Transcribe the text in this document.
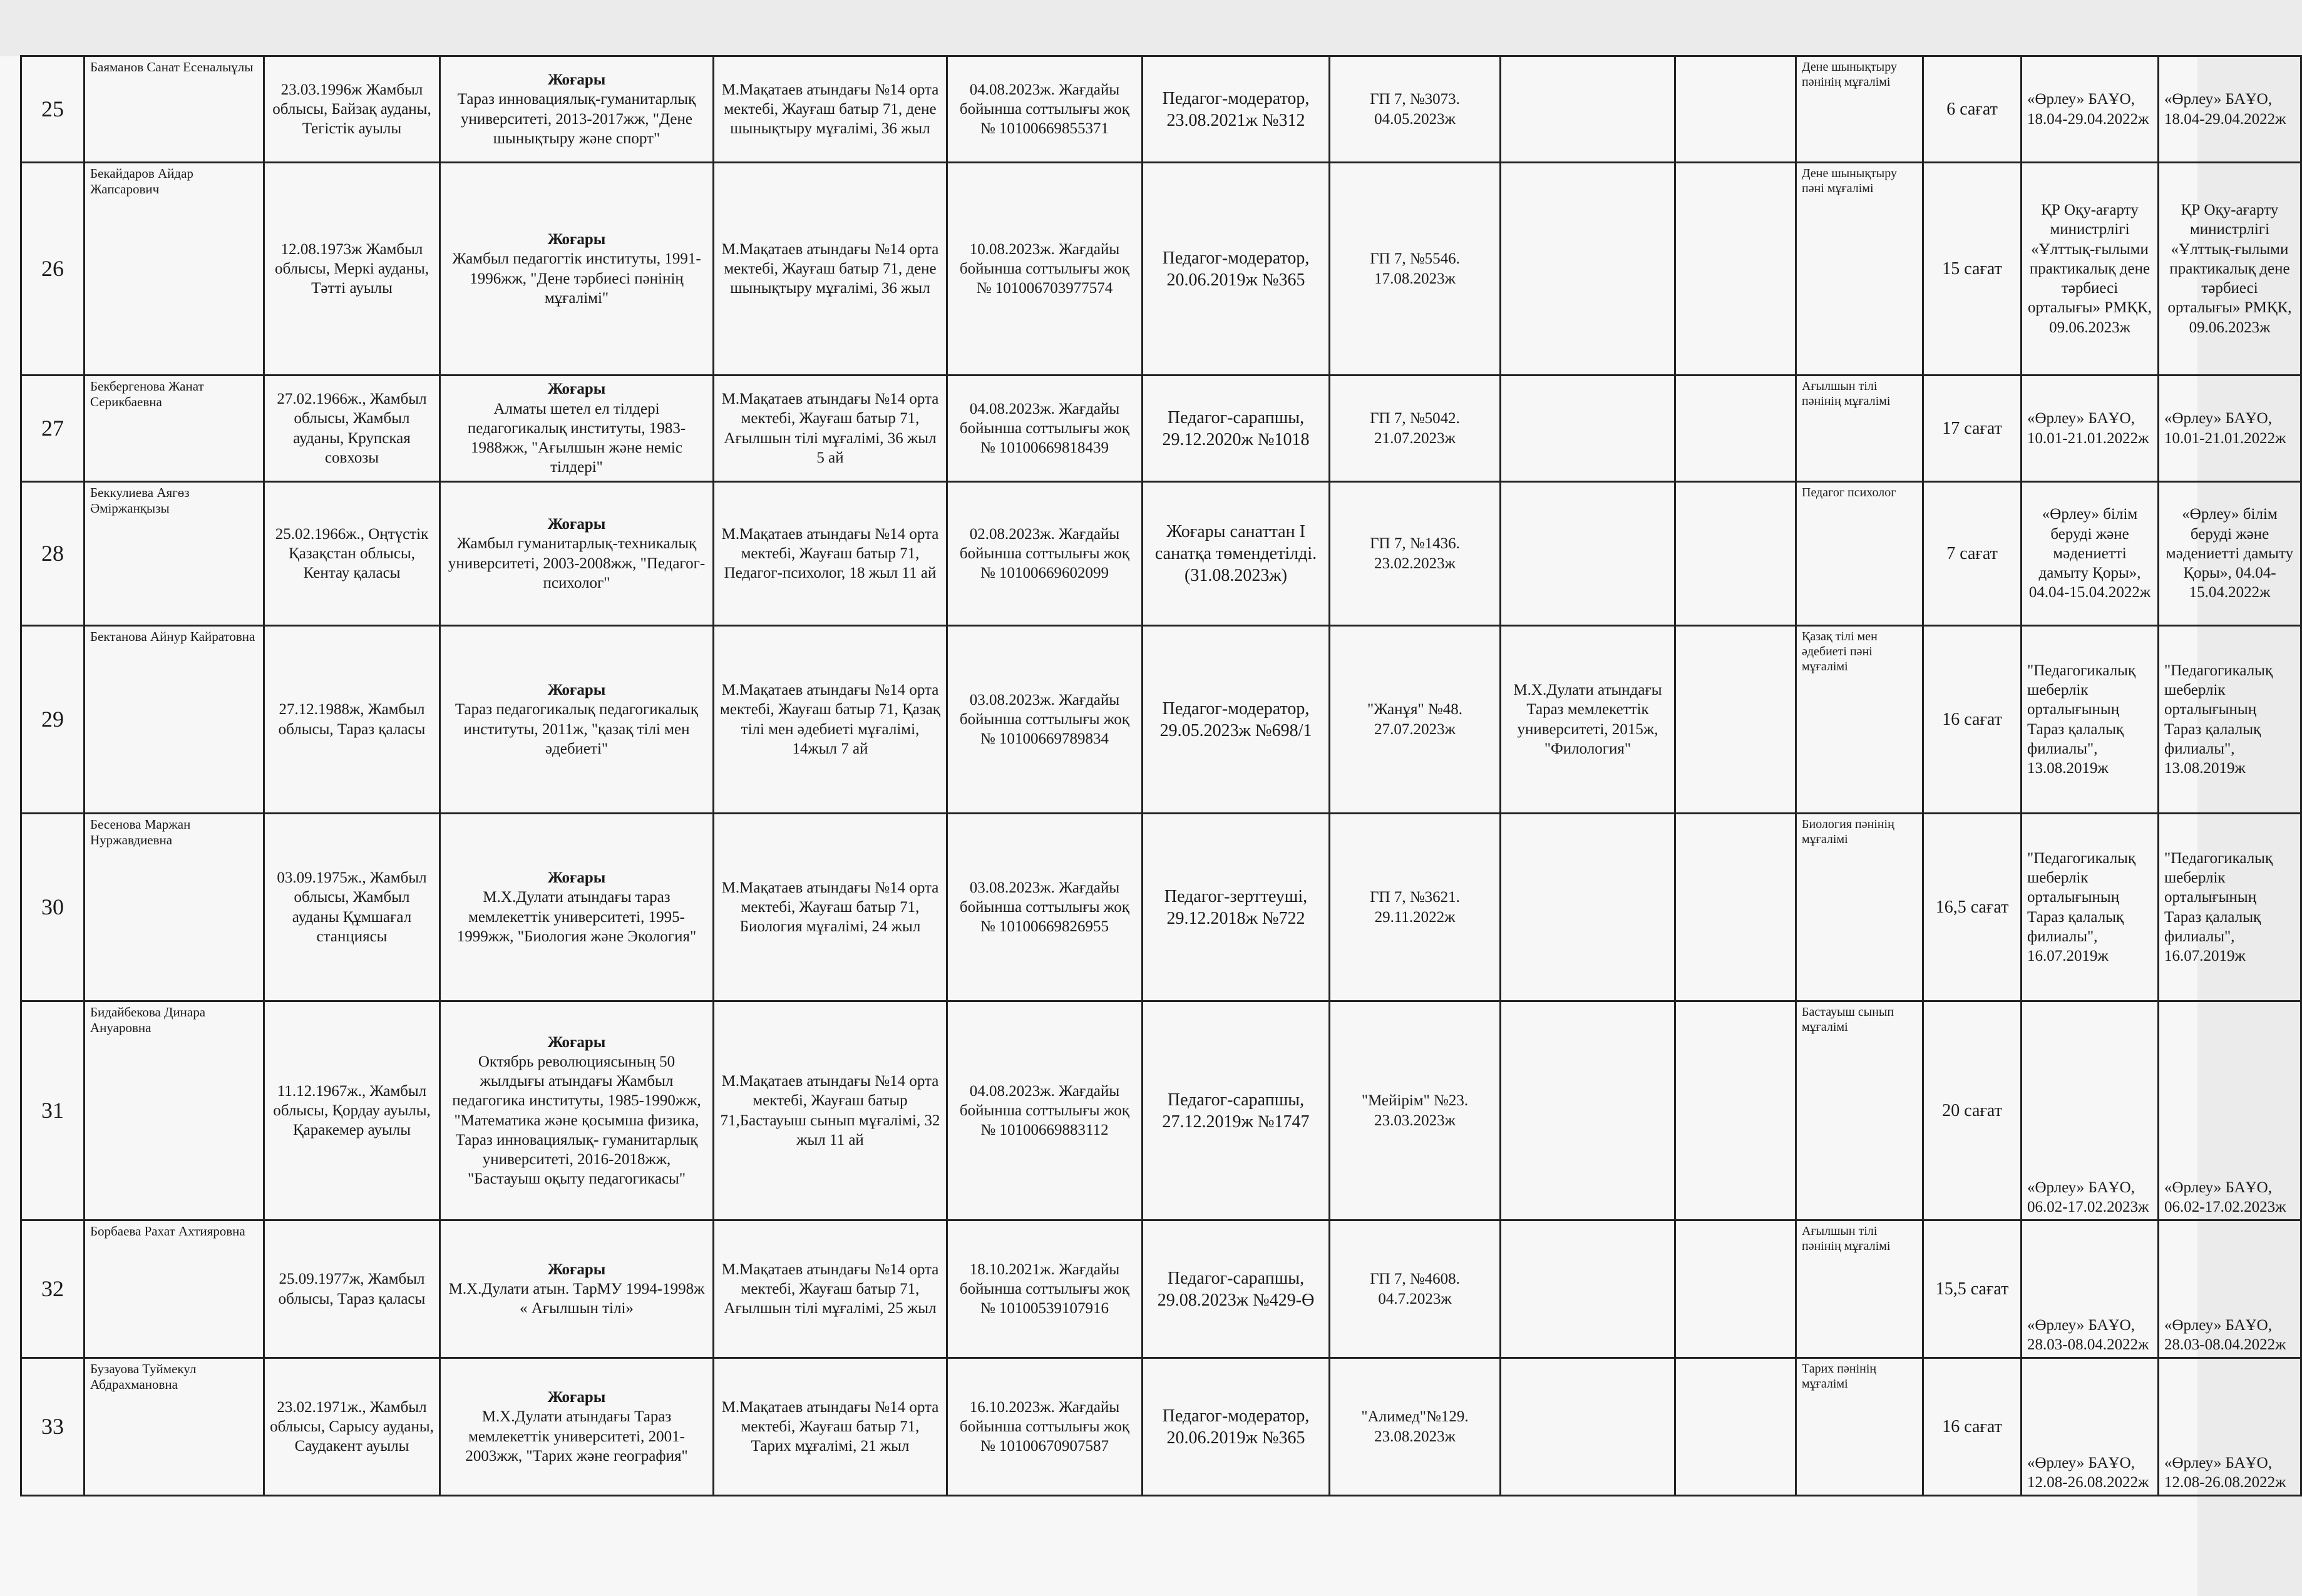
25	Баяманов Санат Есеналыұлы	23.03.1996ж Жамбыл облысы, Байзақ ауданы, Тегістік ауылы	Жоғары
Тараз инновациялық-гуманитарлық университеті, 2013-2017жж, "Дене шынықтыру және спорт"	М.Мақатаев атындағы №14 орта мектебі, Жауғаш батыр 71, дене шынықтыру мұғалімі, 36 жыл	04.08.2023ж. Жағдайы бойынша соттылығы жоқ № 10100669855371	Педагог-модератор, 23.08.2021ж №312	ГП 7, №3073. 04.05.2023ж			Дене шынықтыру пәнінің мұғалімі	6 сағат	«Өрлеу» БАҰО, 18.04-29.04.2022ж	«Өрлеу» БАҰО, 18.04-29.04.2022ж
26	Бекайдаров Айдар Жапсарович	12.08.1973ж Жамбыл облысы, Меркі ауданы, Тәтті ауылы	Жоғары
Жамбыл педагогтік институты, 1991-1996жж, "Дене тәрбиесі пәнінің мұғалімі"	М.Мақатаев атындағы №14 орта мектебі, Жауғаш батыр 71, дене шынықтыру мұғалімі, 36 жыл	10.08.2023ж. Жағдайы бойынша соттылығы жоқ № 101006703977574	Педагог-модератор, 20.06.2019ж №365	ГП 7, №5546. 17.08.2023ж			Дене шынықтыру пәні мұғалімі	15 сағат	ҚР Оқу-ағарту министрлігі «Ұлттық-ғылыми практикалық дене тәрбиесі орталығы» РМҚК, 09.06.2023ж	ҚР Оқу-ағарту министрлігі «Ұлттық-ғылыми практикалық дене тәрбиесі орталығы» РМҚК, 09.06.2023ж
27	Бекбергенова Жанат Серикбаевна	27.02.1966ж., Жамбыл облысы, Жамбыл ауданы, Крупская совхозы	Жоғары
Алматы шетел ел тілдері педагогикалық институты, 1983-1988жж, "Ағылшын және неміс тілдері"	М.Мақатаев атындағы №14 орта мектебі, Жауғаш батыр 71, Ағылшын тілі мұғалімі, 36 жыл 5 ай	04.08.2023ж. Жағдайы бойынша соттылығы жоқ № 10100669818439	Педагог-сарапшы, 29.12.2020ж №1018	ГП 7, №5042. 21.07.2023ж			Ағылшын тілі пәнінің мұғалімі	17 сағат	«Өрлеу» БАҰО, 10.01-21.01.2022ж	«Өрлеу» БАҰО, 10.01-21.01.2022ж
28	Беккулиева Аягөз Әміржанқызы	25.02.1966ж., Оңтүстік Қазақстан облысы, Кентау қаласы	Жоғары
Жамбыл гуманитарлық-техникалық университеті, 2003-2008жж, "Педагог-психолог"	М.Мақатаев атындағы №14 орта мектебі, Жауғаш батыр 71, Педагог-психолог, 18 жыл 11 ай	02.08.2023ж. Жағдайы бойынша соттылығы жоқ № 10100669602099	Жоғары санаттан І санатқа төмендетілді. (31.08.2023ж)	ГП 7, №1436. 23.02.2023ж			Педагог психолог	7 сағат	«Өрлеу» білім беруді және мәдениетті дамыту Қоры», 04.04-15.04.2022ж	«Өрлеу» білім беруді және мәдениетті дамыту Қоры», 04.04-15.04.2022ж
29	Бектанова Айнур Кайратовна	27.12.1988ж, Жамбыл облысы, Тараз қаласы	Жоғары
Тараз педагогикалық педагогикалық институты, 2011ж, "қазақ тілі мен әдебиеті"	М.Мақатаев атындағы №14 орта мектебі, Жауғаш батыр 71, Қазақ тілі мен әдебиеті мұғалімі, 14жыл 7 ай	03.08.2023ж. Жағдайы бойынша соттылығы жоқ № 10100669789834	Педагог-модератор, 29.05.2023ж №698/1	"Жанұя" №48. 27.07.2023ж	М.Х.Дулати атындағы Тараз мемлекеттік университеті, 2015ж, "Филология"		Қазақ тілі мен әдебиеті пәні мұғалімі	16 сағат	"Педагогикалық шеберлік орталығының Тараз қалалық филиалы", 13.08.2019ж	"Педагогикалық шеберлік орталығының Тараз қалалық филиалы", 13.08.2019ж
30	Бесенова Маржан Нуржавдиевна	03.09.1975ж., Жамбыл облысы, Жамбыл ауданы Құмшағал станциясы	Жоғары
М.Х.Дулати атындағы тараз мемлекеттік университеті, 1995-1999жж, "Биология және Экология"	М.Мақатаев атындағы №14 орта мектебі, Жауғаш батыр 71, Биология мұғалімі, 24 жыл	03.08.2023ж. Жағдайы бойынша соттылығы жоқ № 10100669826955	Педагог-зерттеуші, 29.12.2018ж №722	ГП 7, №3621. 29.11.2022ж			Биология пәнінің мұғалімі	16,5 сағат	"Педагогикалық шеберлік орталығының Тараз қалалық филиалы", 16.07.2019ж	"Педагогикалық шеберлік орталығының Тараз қалалық филиалы", 16.07.2019ж
31	Бидайбекова Динара Ануаровна	11.12.1967ж., Жамбыл облысы, Қордау ауылы, Қаракемер ауылы	Жоғары
Октябрь революциясының 50 жылдығы атындағы Жамбыл педагогика институты, 1985-1990жж, "Математика және қосымша физика, Тараз инновациялық- гуманитарлық университеті, 2016-2018жж, "Бастауыш оқыту педагогикасы"	М.Мақатаев атындағы №14 орта мектебі, Жауғаш батыр 71,Бастауыш сынып мұғалімі, 32 жыл 11 ай	04.08.2023ж. Жағдайы бойынша соттылығы жоқ № 10100669883112	Педагог-сарапшы, 27.12.2019ж №1747	"Мейірім" №23. 23.03.2023ж			Бастауыш сынып мұғалімі	20 сағат	«Өрлеу» БАҰО, 06.02-17.02.2023ж	«Өрлеу» БАҰО, 06.02-17.02.2023ж
32	Борбаева Рахат Ахтияровна	25.09.1977ж, Жамбыл облысы, Тараз қаласы	Жоғары
М.Х.Дулати атын. ТарМУ 1994-1998ж « Ағылшын тілі»	М.Мақатаев атындағы №14 орта мектебі, Жауғаш батыр 71, Ағылшын тілі мұғалімі, 25 жыл	18.10.2021ж. Жағдайы бойынша соттылығы жоқ № 10100539107916	Педагог-сарапшы, 29.08.2023ж №429-Ө	ГП 7, №4608. 04.7.2023ж			Ағылшын тілі пәнінің мұғалімі	15,5 сағат	«Өрлеу» БАҰО, 28.03-08.04.2022ж	«Өрлеу» БАҰО, 28.03-08.04.2022ж
33	Бузауова Туймекул Абдрахмановна	23.02.1971ж., Жамбыл облысы, Сарысу ауданы, Саудакент ауылы	Жоғары
М.Х.Дулати атындағы Тараз мемлекеттік университеті, 2001-2003жж, "Тарих және география"	М.Мақатаев атындағы №14 орта мектебі, Жауғаш батыр 71, Тарих мұғалімі, 21 жыл	16.10.2023ж. Жағдайы бойынша соттылығы жоқ № 10100670907587	Педагог-модератор, 20.06.2019ж №365	"Алимед"№129. 23.08.2023ж			Тарих пәнінің мұғалімі	16 сағат	«Өрлеу» БАҰО, 12.08-26.08.2022ж	«Өрлеу» БАҰО, 12.08-26.08.2022ж
